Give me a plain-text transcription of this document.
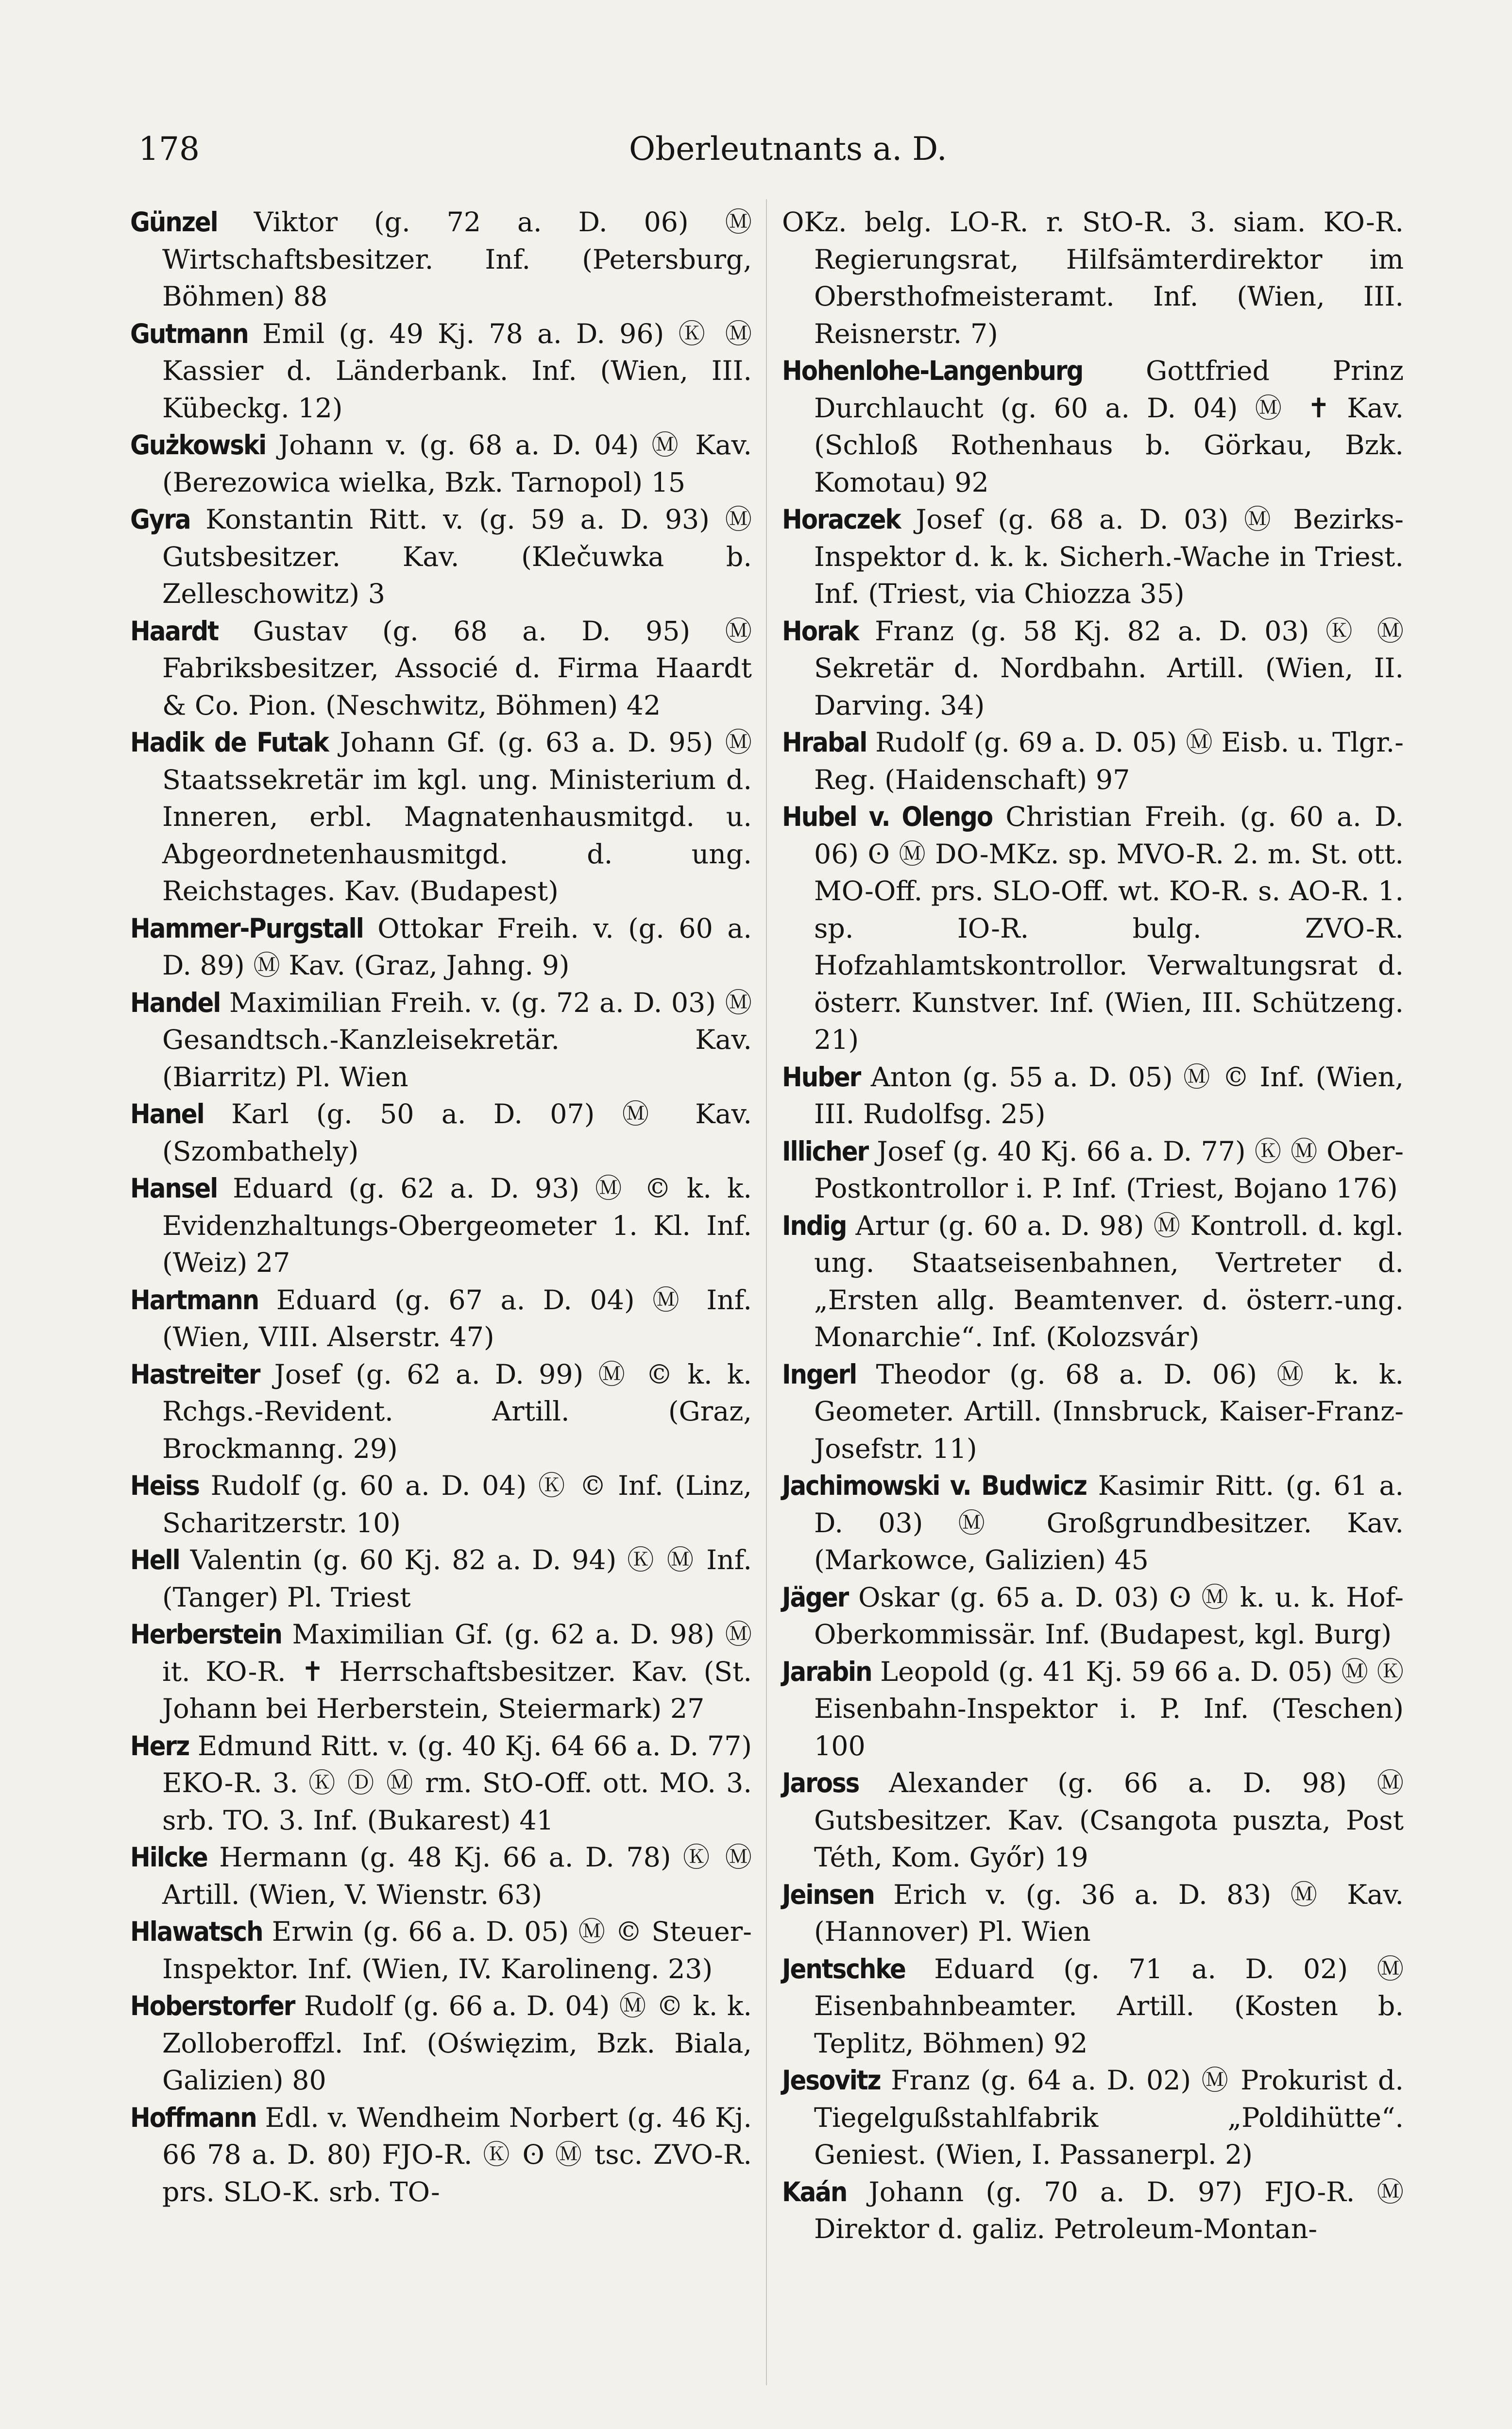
178	Oberleutnants a. D.
Günzel Viktor (g. 72 a. D. 06) Ⓜ Wirtschaftsbesitzer. Inf. (Petersburg, Böhmen) 88
Gutmann Emil (g. 49 Kj. 78 a. D. 96) Ⓚ Ⓜ Kassier d. Länderbank. Inf. (Wien, III. Kübeckg. 12)
Gużkowski Johann v. (g. 68 a. D. 04) Ⓜ Kav. (Berezowica wielka, Bzk. Tarnopol) 15
Gyra Konstantin Ritt. v. (g. 59 a. D. 93) Ⓜ Gutsbesitzer. Kav. (Klečuwka b. Zelleschowitz) 3
Haardt Gustav (g. 68 a. D. 95) Ⓜ Fabriksbesitzer, Associé d. Firma Haardt & Co. Pion. (Neschwitz, Böhmen) 42
Hadik de Futak Johann Gf. (g. 63 a. D. 95) Ⓜ Staatssekretär im kgl. ung. Ministerium d. Inneren, erbl. Magnatenhausmitgd. u. Abgeordnetenhausmitgd. d. ung. Reichstages. Kav. (Budapest)
Hammer-Purgstall Ottokar Freih. v. (g. 60 a. D. 89) Ⓜ Kav. (Graz, Jahng. 9)
Handel Maximilian Freih. v. (g. 72 a. D. 03) Ⓜ Gesandtsch.-Kanzleisekretär. Kav. (Biarritz) Pl. Wien
Hanel Karl (g. 50 a. D. 07) Ⓜ Kav. (Szombathely)
Hansel Eduard (g. 62 a. D. 93) Ⓜ © k. k. Evidenzhaltungs-Obergeometer 1. Kl. Inf. (Weiz) 27
Hartmann Eduard (g. 67 a. D. 04) Ⓜ Inf. (Wien, VIII. Alserstr. 47)
Hastreiter Josef (g. 62 a. D. 99) Ⓜ © k. k. Rchgs.-Revident. Artill. (Graz, Brockmanng. 29)
Heiss Rudolf (g. 60 a. D. 04) Ⓚ © Inf. (Linz, Scharitzerstr. 10)
Hell Valentin (g. 60 Kj. 82 a. D. 94) Ⓚ Ⓜ Inf. (Tanger) Pl. Triest
Herberstein Maximilian Gf. (g. 62 a. D. 98) Ⓜ it. KO-R. ✝ Herrschaftsbesitzer. Kav. (St. Johann bei Herberstein, Steiermark) 27
Herz Edmund Ritt. v. (g. 40 Kj. 64 66 a. D. 77) EKO-R. 3. Ⓚ Ⓓ Ⓜ rm. StO-Off. ott. MO. 3. srb. TO. 3. Inf. (Bukarest) 41
Hilcke Hermann (g. 48 Kj. 66 a. D. 78) Ⓚ Ⓜ Artill. (Wien, V. Wienstr. 63)
Hlawatsch Erwin (g. 66 a. D. 05) Ⓜ © Steuer-Inspektor. Inf. (Wien, IV. Karolineng. 23)
Hoberstorfer Rudolf (g. 66 a. D. 04) Ⓜ © k. k. Zolloberoffzl. Inf. (Oświęzim, Bzk. Biala, Galizien) 80
Hoffmann Edl. v. Wendheim Norbert (g. 46 Kj. 66 78 a. D. 80) FJO-R. Ⓚ ʘ Ⓜ tsc. ZVO-R. prs. SLO-K. srb. TO-
OKz. belg. LO-R. r. StO-R. 3. siam. KO-R. Regierungsrat, Hilfsämterdirektor im Obersthofmeisteramt. Inf. (Wien, III. Reisnerstr. 7)
Hohenlohe-Langenburg Gottfried Prinz Durchlaucht (g. 60 a. D. 04) Ⓜ ✝ Kav. (Schloß Rothenhaus b. Görkau, Bzk. Komotau) 92
Horaczek Josef (g. 68 a. D. 03) Ⓜ Bezirks-Inspektor d. k. k. Sicherh.-Wache in Triest. Inf. (Triest, via Chiozza 35)
Horak Franz (g. 58 Kj. 82 a. D. 03) Ⓚ Ⓜ Sekretär d. Nordbahn. Artill. (Wien, II. Darving. 34)
Hrabal Rudolf (g. 69 a. D. 05) Ⓜ Eisb. u. Tlgr.-Reg. (Haidenschaft) 97
Hubel v. Olengo Christian Freih. (g. 60 a. D. 06) ʘ Ⓜ DO-MKz. sp. MVO-R. 2. m. St. ott. MO-Off. prs. SLO-Off. wt. KO-R. s. AO-R. 1. sp. IO-R. bulg. ZVO-R. Hofzahlamtskontrollor. Verwaltungsrat d. österr. Kunstver. Inf. (Wien, III. Schützeng. 21)
Huber Anton (g. 55 a. D. 05) Ⓜ © Inf. (Wien, III. Rudolfsg. 25)
Illicher Josef (g. 40 Kj. 66 a. D. 77) Ⓚ Ⓜ Ober-Postkontrollor i. P. Inf. (Triest, Bojano 176)
Indig Artur (g. 60 a. D. 98) Ⓜ Kontroll. d. kgl. ung. Staatseisenbahnen, Vertreter d. „Ersten allg. Beamtenver. d. österr.-ung. Monarchie“. Inf. (Kolozsvár)
Ingerl Theodor (g. 68 a. D. 06) Ⓜ k. k. Geometer. Artill. (Innsbruck, Kaiser-Franz-Josefstr. 11)
Jachimowski v. Budwicz Kasimir Ritt. (g. 61 a. D. 03) Ⓜ Großgrundbesitzer. Kav. (Markowce, Galizien) 45
Jäger Oskar (g. 65 a. D. 03) ʘ Ⓜ k. u. k. Hof-Oberkommissär. Inf. (Budapest, kgl. Burg)
Jarabin Leopold (g. 41 Kj. 59 66 a. D. 05) Ⓜ Ⓚ Eisenbahn-Inspektor i. P. Inf. (Teschen) 100
Jaross Alexander (g. 66 a. D. 98) Ⓜ Gutsbesitzer. Kav. (Csangota puszta, Post Téth, Kom. Győr) 19
Jeinsen Erich v. (g. 36 a. D. 83) Ⓜ Kav. (Hannover) Pl. Wien
Jentschke Eduard (g. 71 a. D. 02) Ⓜ Eisenbahnbeamter. Artill. (Kosten b. Teplitz, Böhmen) 92
Jesovitz Franz (g. 64 a. D. 02) Ⓜ Prokurist d. Tiegelgußstahlfabrik „Poldihütte“. Geniest. (Wien, I. Passanerpl. 2)
Kaán Johann (g. 70 a. D. 97) FJO-R. Ⓜ Direktor d. galiz. Petroleum-Montan-
